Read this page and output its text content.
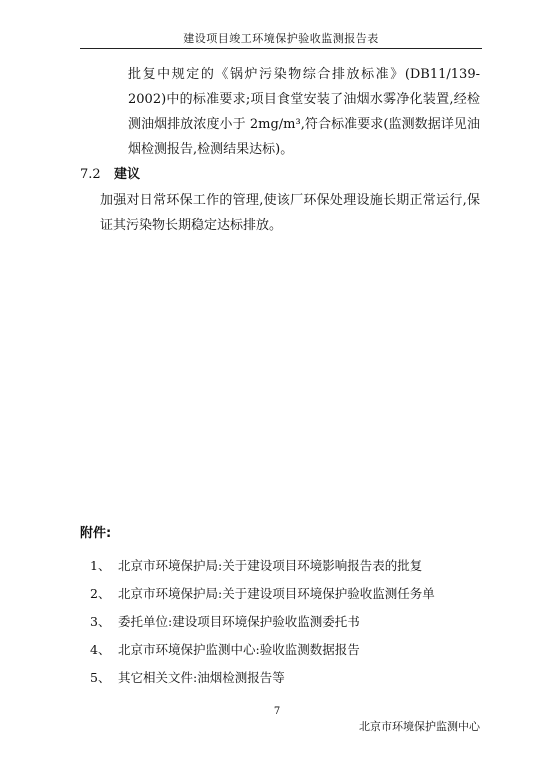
建设项目竣工环境保护验收监测报告表
批复中规定的《锅炉污染物综合排放标准》(DB11/139-2002)中的标准要求;项目食堂安装了油烟水雾净化装置,经检测油烟排放浓度小于 2mg/m³,符合标准要求(监测数据详见油烟检测报告,检测结果达标)。
7.2 建议
加强对日常环保工作的管理,使该厂环保处理设施长期正常运行,保证其污染物长期稳定达标排放。
附件:
1、 北京市环境保护局:关于建设项目环境影响报告表的批复
2、 北京市环境保护局:关于建设项目环境保护验收监测任务单
3、 委托单位:建设项目环境保护验收监测委托书
4、 北京市环境保护监测中心:验收监测数据报告
5、 其它相关文件:油烟检测报告等
7
北京市环境保护监测中心
